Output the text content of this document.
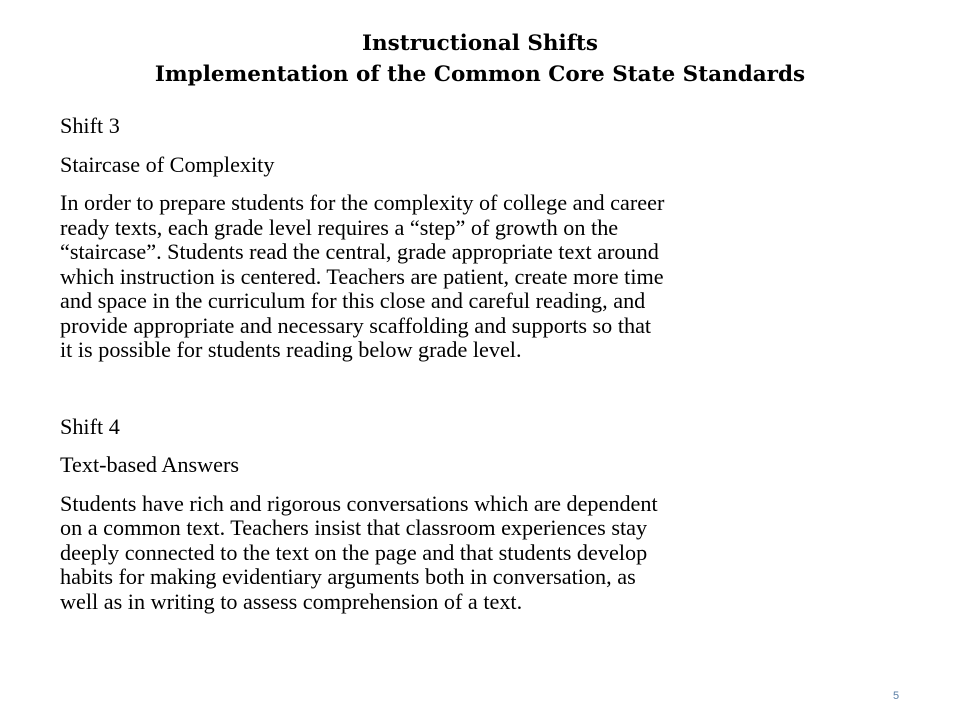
Instructional Shifts
Implementation of the Common Core State Standards
Shift 3
Staircase of Complexity
In order to prepare students for the complexity of college and career
ready texts, each grade level requires a “step” of growth on the
“staircase”. Students read the central, grade appropriate text around
which instruction is centered. Teachers are patient, create more time
and space in the curriculum for this close and careful reading, and
provide appropriate and necessary scaffolding and supports so that
it is possible for students reading below grade level.
Shift 4
Text-based Answers
Students have rich and rigorous conversations which are dependent
on a common text. Teachers insist that classroom experiences stay
deeply connected to the text on the page and that students develop
habits for making evidentiary arguments both in conversation, as
well as in writing to assess comprehension of a text.
5
